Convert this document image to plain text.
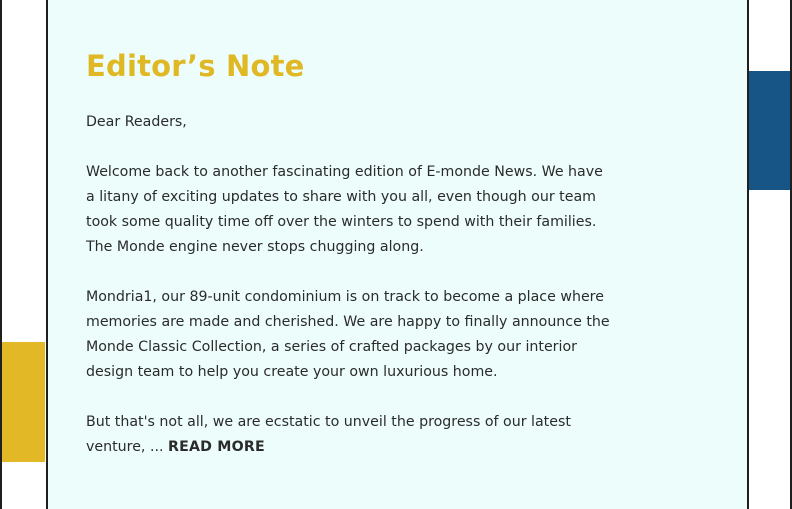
Editor’s Note

Dear Readers,

Welcome back to another fascinating edition of E-monde News. We have a litany of exciting updates to share with you all, even though our team took some quality time off over the winters to spend with their families. The Monde engine never stops chugging along.

Mondria1, our 89-unit condominium is on track to become a place where memories are made and cherished. We are happy to finally announce the Monde Classic Collection, a series of crafted packages by our interior design team to help you create your own luxurious home.

But that's not all, we are ecstatic to unveil the progress of our latest venture, ... READ MORE
